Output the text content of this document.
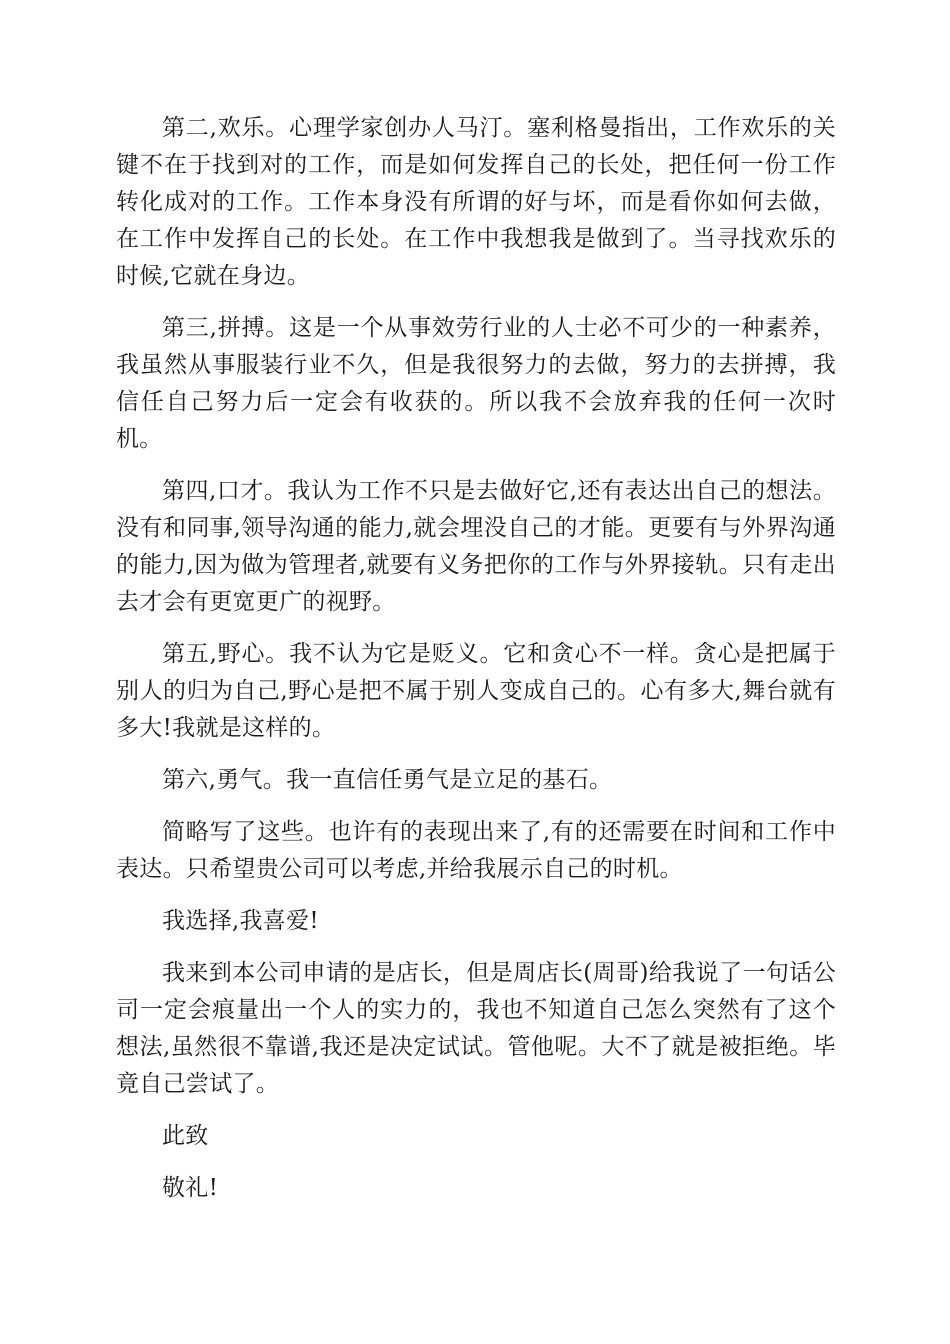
第二,欢乐。心理学家创办人马汀。塞利格曼指出，工作欢乐的关键不在于找到对的工作，而是如何发挥自己的长处，把任何一份工作转化成对的工作。工作本身没有所谓的好与坏，而是看你如何去做，在工作中发挥自己的长处。在工作中我想我是做到了。当寻找欢乐的时候,它就在身边。

第三,拼搏。这是一个从事效劳行业的人士必不可少的一种素养，我虽然从事服装行业不久，但是我很努力的去做，努力的去拼搏，我信任自己努力后一定会有收获的。所以我不会放弃我的任何一次时机。

第四,口才。我认为工作不只是去做好它,还有表达出自己的想法。没有和同事,领导沟通的能力,就会埋没自己的才能。更要有与外界沟通的能力,因为做为管理者,就要有义务把你的工作与外界接轨。只有走出去才会有更宽更广的视野。

第五,野心。我不认为它是贬义。它和贪心不一样。贪心是把属于别人的归为自己,野心是把不属于别人变成自己的。心有多大,舞台就有多大!我就是这样的。

第六,勇气。我一直信任勇气是立足的基石。

简略写了这些。也许有的表现出来了,有的还需要在时间和工作中表达。只希望贵公司可以考虑,并给我展示自己的时机。

我选择,我喜爱!

我来到本公司申请的是店长，但是周店长(周哥)给我说了一句话公司一定会痕量出一个人的实力的，我也不知道自己怎么突然有了这个想法,虽然很不靠谱,我还是决定试试。管他呢。大不了就是被拒绝。毕竟自己尝试了。

此致

敬礼!
